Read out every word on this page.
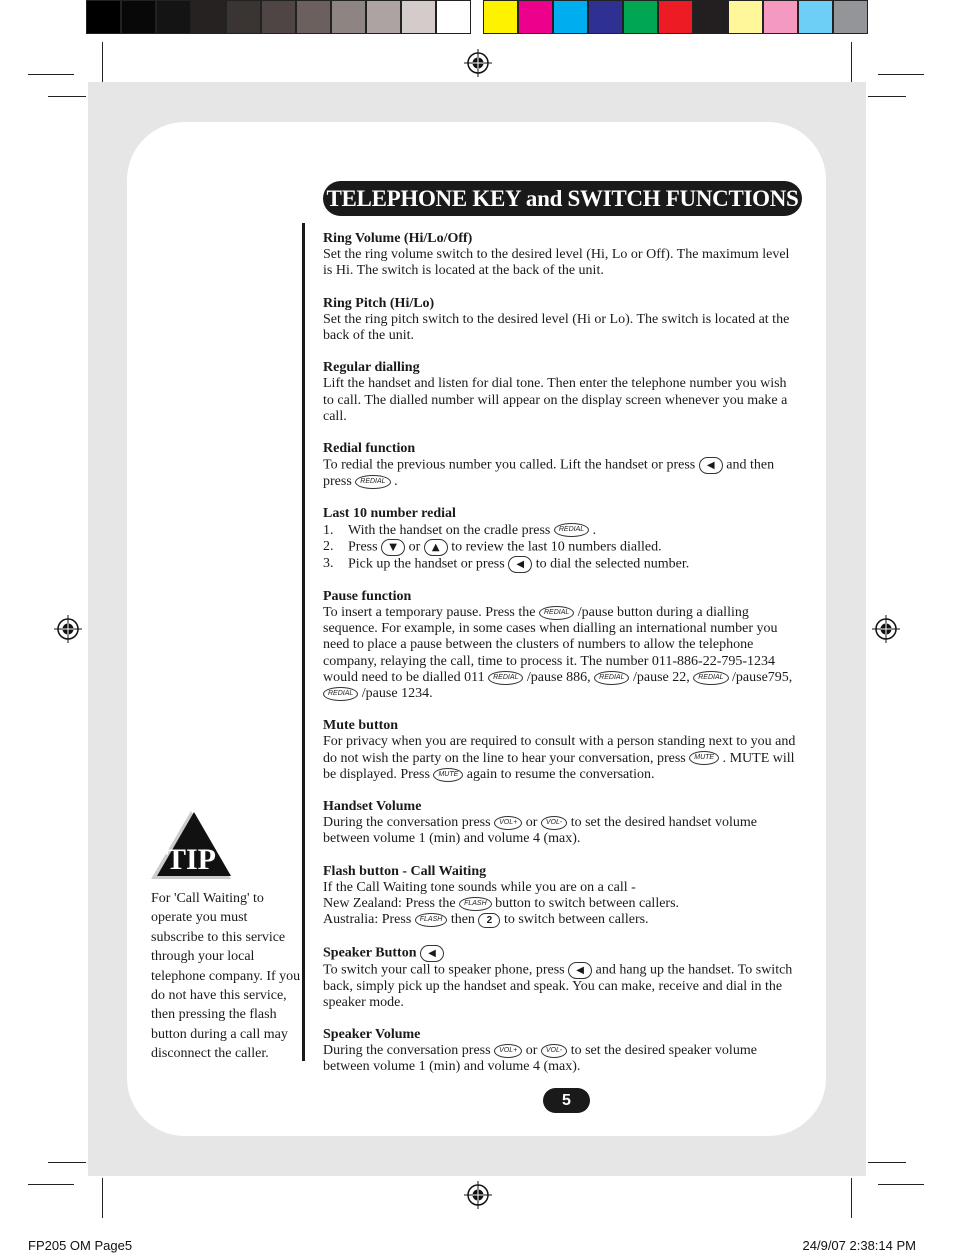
TELEPHONE KEY and SWITCH FUNCTIONS
Ring Volume (Hi/Lo/Off)
Set the ring volume switch to the desired level (Hi, Lo or Off). The maximum level is Hi. The switch is located at the back of the unit.
Ring Pitch (Hi/Lo)
Set the ring pitch switch to the desired level (Hi or Lo). The switch is located at the back of the unit.
Regular dialling
Lift the handset and listen for dial tone. Then enter the telephone number you wish to call. The dialled number will appear on the display screen whenever you make a call.
Redial function
To redial the previous number you called. Lift the handset or press ◀ and then press REDIAL .
Last 10 number redial
1. With the handset on the cradle press REDIAL .
2. Press ▼ or ▲ to review the last 10 numbers dialled.
3. Pick up the handset or press ◀ to dial the selected number.
Pause function
To insert a temporary pause. Press the REDIAL /pause button during a dialling sequence. For example, in some cases when dialling an international number you need to place a pause between the clusters of numbers to allow the telephone company, relaying the call, time to process it. The number 011-886-22-795-1234 would need to be dialled 011 REDIAL /pause 886, REDIAL /pause 22, REDIAL /pause795, REDIAL /pause 1234.
Mute button
For privacy when you are required to consult with a person standing next to you and do not wish the party on the line to hear your conversation, press MUTE . MUTE will be displayed. Press MUTE again to resume the conversation.
Handset Volume
During the conversation press VOL+ or VOL- to set the desired handset volume between volume 1 (min) and volume 4 (max).
Flash button - Call Waiting
If the Call Waiting tone sounds while you are on a call -
New Zealand: Press the FLASH button to switch between callers.
Australia: Press FLASH then 2 to switch between callers.
Speaker Button ◀
To switch your call to speaker phone, press ◀ and hang up the handset. To switch back, simply pick up the handset and speak. You can make, receive and dial in the speaker mode.
Speaker Volume
During the conversation press VOL+ or VOL- to set the desired speaker volume between volume 1 (min) and volume 4 (max).
TIP
For 'Call Waiting' to operate you must subscribe to this service through your local telephone company. If you do not have this service, then pressing the flash button during a call may disconnect the caller.
5
FP205 OM Page5	24/9/07 2:38:14 PM
